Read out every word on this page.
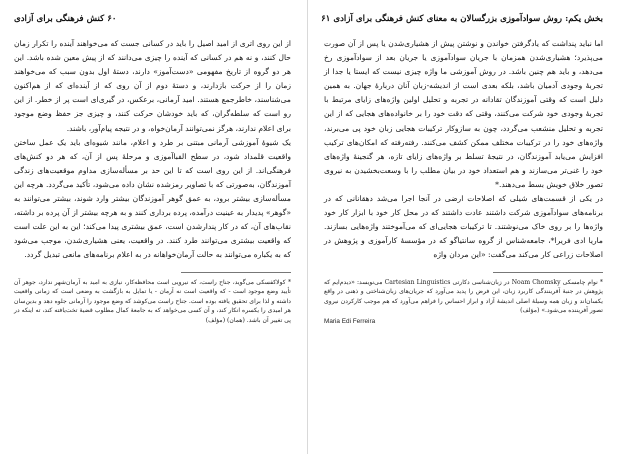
۶۰ کنش فرهنگی برای آزادی

از این روی اتری از امید اصیل را باید در کسانی جست که می‌خواهند آینده را تکرار زمان حال کنند، و نه هم در کسانی که آینده را چیزی می‌دانند که از پیش معین شده باشد. این هر دو گروه از تاریخ مفهومی «دست‌آموز» دارند، دستهٔ اول بدون سبب که می‌خواهند زمان را از حرکت بازدارند، و دستهٔ دوم از آن روی که از آینده‌ای که از هم‌اکنون می‌شناسند، خاطرجمع هستند. امید آرمانی، برعکس، در گیری‌ای است پر از خطر. از این رو است که سلطه‌گران، که باید خودشان حرکت کنند، و چیزی جز حفظ وضع موجود برای اعلام ندارند، هرگز نمی‌توانند آرمان‌خواه، و در نتیجه پیام‌آور، باشند.

یک شیوهٔ آموزشی آرمانی مبتنی بر طرد و اعلام، مانند شیوه‌ای باید یک عمل ساختن واقعیت قلمداد شود، در سطح الفباآموزی و مرحلهٔ پس از آن، که هر دو کنش‌های فرهنگی‌اند. از این روی است که تا این حد بر مسأله‌سازی مداوم موقعیت‌های زندگی آموزندگان، به‌صورتی که با تصاویر رمزشده نشان داده می‌شود، تأکید می‌گردد. هرچه این مسأله‌سازی بیشتر برود، به عمق گوهر آموزندگان بیشتر وارد شوند، بیشتر می‌توانند به «گوهر» پدیدار به عینیت درآمده، پرده برداری کنند و به هرچه بیشتر از آن پرده بر داشته، نقاب‌های آن، که در کار پندارشدن است، عمق بیشتری پیدا می‌کند؛ این به این علت است که واقعیت بیشتری می‌توانند طرد کنند. در واقعیت، یعنی هشیاری‌شدن، موجب می‌شود که به یکباره می‌توانند به حالت آرمان‌خواهانه در به اعلام برنامه‌های مانعی تبدیل گردد.

* کولاکفسکی می‌گوید، جناح راست، که نیرویی است محافظه‌کار، نیازی به امید به آرمان‌شهر ندارد، جوهر آن تأیید وضع موجود است - که واقعیت است نه آرمان - یا تمایل به بازگشت به وضعی است که زمانی واقعیت داشته و لذا برای تحقیق یافته بوده است. جناح راست می‌کوشد که وضع موجود را آرمانی جلوه دهد و بدین‌سان هر امیدی را یکسره انکار کند، و آن کسی می‌خواهد که به جامعهٔ کمال مطلوب قضیهٔ تخت‌یافته کند، ته اینکه در پی تغییر آن باشد. (همان)‌ (مؤلف)
بخش یکم: روش سوادآموزی بزرگسالان به معنای کنش فرهنگی برای آزادی ۶۱

اما نباید پنداشت که یادگرفتن خواندن و نوشتن پیش از هشیاری‌شدن یا پس از آن صورت می‌پذیرد؛ هشیاری‌شدن همزمان با جریان سوادآموزی یا جریان بعد از سوادآموزی رخ می‌دهد، و باید هم چنین باشد. در روش آموزشی ما واژه چیزی نیست که ایستا یا جدا از تجربهٔ وجودی آدمیان باشد، بلکه بعدی است از اندیشه-زبان آنان دربارهٔ جهان. به همین دلیل است که وقتی آموزندگان تقادانه در تجربه و تحلیل اولین واژه‌های زایای مرتبط با تجربهٔ وجودی خود شرکت می‌کنند، وقتی که دقت خود را بر خانواده‌های هجایی که از این تجربه و تحلیل منشعب می‌گردد، چون به سازوکار ترکیبات هجایی زبان خود پی می‌برند، واژه‌های خود را در ترکیبات مختلف ممکن کشف می‌کنند. رفته‌رفته که امکان‌های ترکیب افزایش می‌یابد آموزندگان، در نتیجهٔ تسلط بر واژه‌های زایای تازه، هر گنجینهٔ واژه‌های خود را غنی‌تر می‌سازند و هم استعداد خود در بیان مطلب را با وسعت‌بخشیدن به نیروی تصور خلاق خویش بسط می‌دهند.*

در یکی از قسمت‌های شیلی که اصلاحات ارضی در آنجا اجرا می‌شد دهقانانی که در برنامه‌های سوادآموزی شرکت داشتند عادت داشتند که در محل کار خود با ابزار کار خود واژه‌ها را بر روی خاک می‌نوشتند. تا ترکیبات هجایی‌ای که می‌آموختند واژه‌هایی بسازند. ماریا ادی فریرا*، جامعه‌شناس از گروه سانتیاگو که در مؤسسهٔ کارآموزی و پژوهش در اصلاحات زراعی کار می‌کند می‌گفت: «این مردان واژه

* نوام چامسکی Noam Chomsky در زبان‌شناسی دکارتی Cartesian Linguistics می‌نویسد: «دیدم‌ایم که پژوهش در جنبهٔ آفرینندگی کاربرد زبان، این فرض را پدید می‌آورد که جریان‌های زبان‌شناختی و ذهنی در واقع یکسان‌اند و زبان همه وسیلهٔ اصلی اندیشهٔ آزاد و ابراز احساس را فراهم می‌آورد که هم موجب کارکردن نیروی تصور آفریننده می‌شود.» (مؤلف)
Maria Edi Ferreira
